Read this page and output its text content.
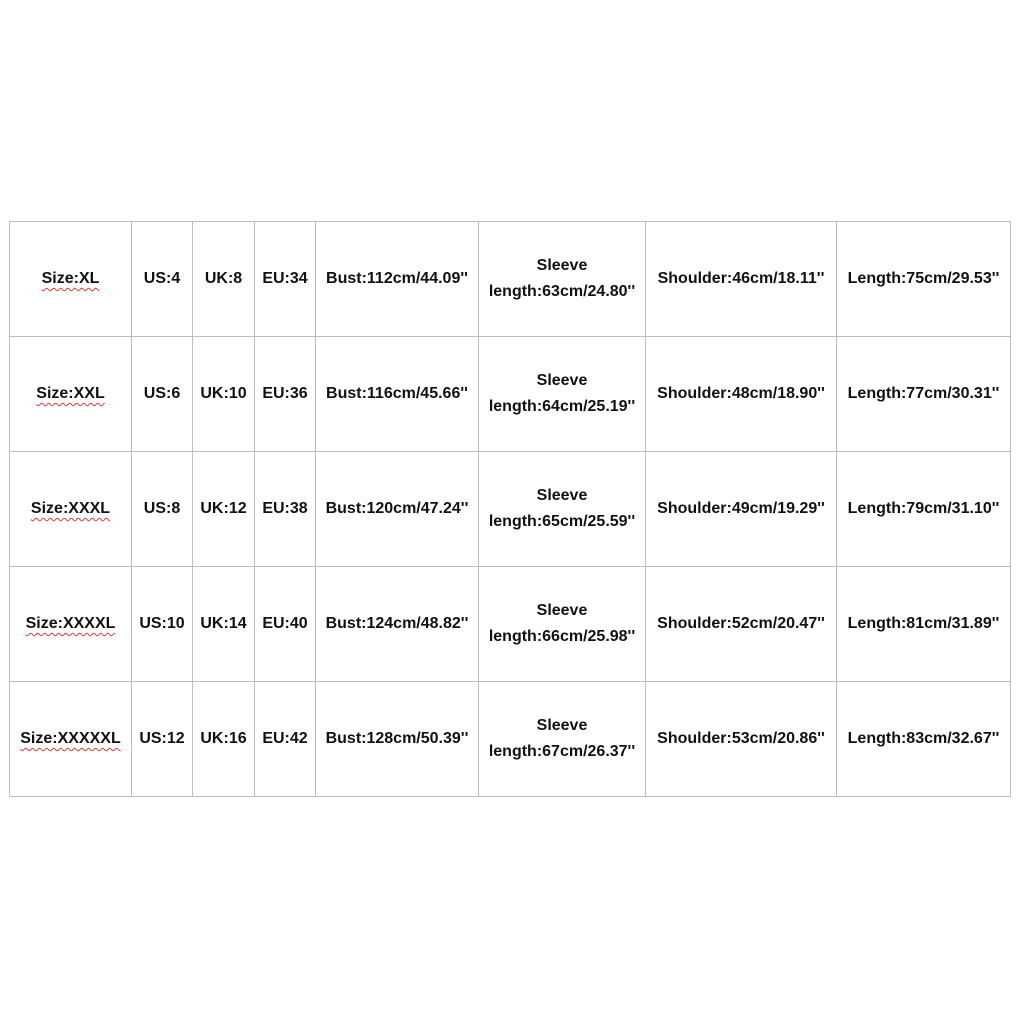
Size:XL	US:4	UK:8	EU:34	Bust:112cm/44.09''	Sleeve
length:63cm/24.80''	Shoulder:46cm/18.11''	Length:75cm/29.53''
Size:XXL	US:6	UK:10	EU:36	Bust:116cm/45.66''	Sleeve
length:64cm/25.19''	Shoulder:48cm/18.90''	Length:77cm/30.31''
Size:XXXL	US:8	UK:12	EU:38	Bust:120cm/47.24''	Sleeve
length:65cm/25.59''	Shoulder:49cm/19.29''	Length:79cm/31.10''
Size:XXXXL	US:10	UK:14	EU:40	Bust:124cm/48.82''	Sleeve
length:66cm/25.98''	Shoulder:52cm/20.47''	Length:81cm/31.89''
Size:XXXXXL	US:12	UK:16	EU:42	Bust:128cm/50.39''	Sleeve
length:67cm/26.37''	Shoulder:53cm/20.86''	Length:83cm/32.67''
